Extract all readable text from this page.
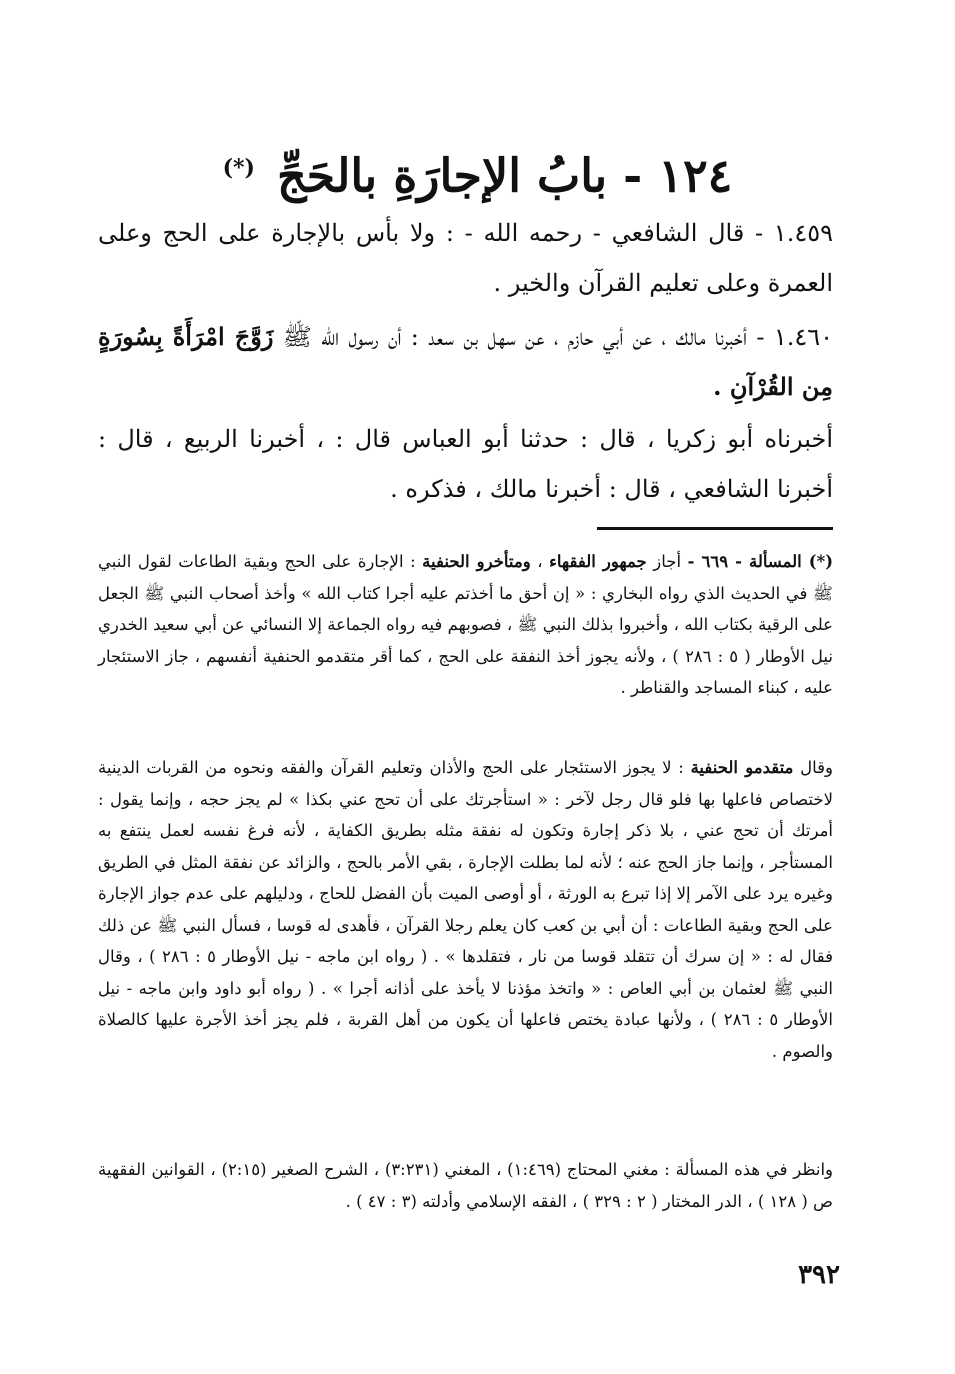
١٢٤ - بابُ الإجارَةِ بالحَجِّ (*)

١.٤٥٩ - قال الشافعي - رحمه الله - : ولا بأس بالإجارة على الحج وعلى العمرة وعلى تعليم القرآن والخير .

١.٤٦٠ - أخبرنا مالك ، عن أبي حازم ، عن سهل بن سعد : أن رسول الله ﷺ زَوَّجَ امْرَأَةً بِسُورَةٍ مِن القُرْآنِ .

أخبرناه أبو زكريا ، قال : حدثنا أبو العباس قال : ، أخبرنا الربيع ، قال : أخبرنا الشافعي ، قال : أخبرنا مالك ، فذكره .

(*) المسألة - ٦٦٩ - أجاز جمهور الفقهاء ، ومتأخرو الحنفية : الإجارة على الحج وبقية الطاعات لقول النبي ﷺ في الحديث الذي رواه البخاري : « إن أحق ما أخذتم عليه أجرا كتاب الله » وأخذ أصحاب النبي ﷺ الجعل على الرقية بكتاب الله ، وأخبروا بذلك النبي ﷺ ، فصوبهم فيه رواه الجماعة إلا النسائي عن أبي سعيد الخدري نيل الأوطار ( ٥ : ٢٨٦ ) ، ولأنه يجوز أخذ النفقة على الحج ، كما أقر متقدمو الحنفية أنفسهم ، جاز الاستئجار عليه ، كبناء المساجد والقناطر .

وقال متقدمو الحنفية : لا يجوز الاستئجار على الحج والأذان وتعليم القرآن والفقه ونحوه من القربات الدينية لاختصاص فاعلها بها فلو قال رجل لآخر : « استأجرتك على أن تحج عني بكذا » لم يجز حجه ، وإنما يقول : أمرتك أن تحج عني ، بلا ذكر إجارة وتكون له نفقة مثله بطريق الكفاية ، لأنه فرغ نفسه لعمل ينتفع به المستأجر ، وإنما جاز الحج عنه ؛ لأنه لما بطلت الإجارة ، بقي الأمر بالحج ، والزائد عن نفقة المثل في الطريق وغيره يرد على الآمر إلا إذا تبرع به الورثة ، أو أوصى الميت بأن الفضل للحاج ، ودليلهم على عدم جواز الإجارة على الحج وبقية الطاعات : أن أبي بن كعب كان يعلم رجلا القرآن ، فأهدى له قوسا ، فسأل النبي ﷺ عن ذلك فقال له : « إن سرك أن تتقلد قوسا من نار ، فتقلدها » . ( رواه ابن ماجه - نيل الأوطار ٥ : ٢٨٦ ) ، وقال النبي ﷺ لعثمان بن أبي العاص : « واتخذ مؤذنا لا يأخذ على أذانه أجرا » . ( رواه أبو داود وابن ماجه - نيل الأوطار ٥ : ٢٨٦ ) ، ولأنها عبادة يختص فاعلها أن يكون من أهل القربة ، فلم يجز أخذ الأجرة عليها كالصلاة والصوم .

وانظر في هذه المسألة : مغني المحتاج (١:٤٦٩) ، المغني (٣:٢٣١) ، الشرح الصغير (٢:١٥) ، القوانين الفقهية ص ( ١٢٨ ) ، الدر المختار ( ٢ : ٣٢٩ ) ، الفقه الإسلامي وأدلته (٣ : ٤٧ ) .

٣٩٢
